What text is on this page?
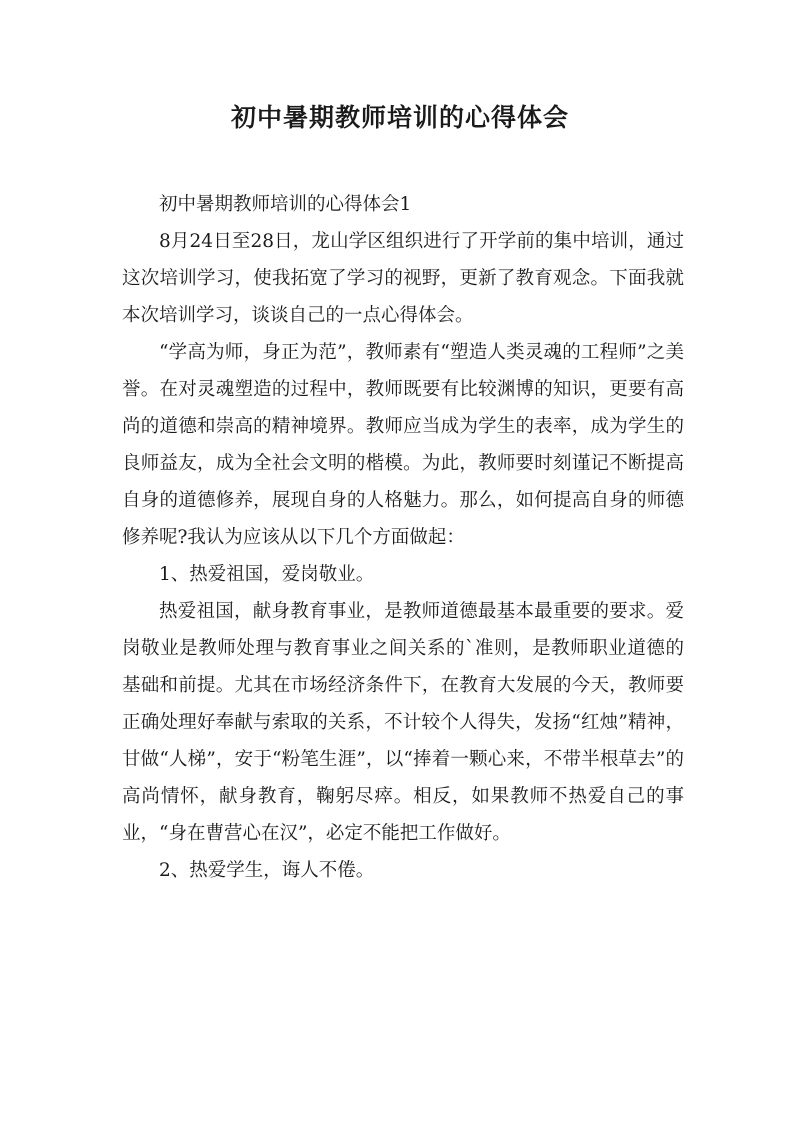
初中暑期教师培训的心得体会

初中暑期教师培训的心得体会1

8月24日至28日，龙山学区组织进行了开学前的集中培训，通过这次培训学习，使我拓宽了学习的视野，更新了教育观念。下面我就本次培训学习，谈谈自己的一点心得体会。

“学高为师，身正为范”，教师素有“塑造人类灵魂的工程师”之美誉。在对灵魂塑造的过程中，教师既要有比较渊博的知识，更要有高尚的道德和崇高的精神境界。教师应当成为学生的表率，成为学生的良师益友，成为全社会文明的楷模。为此，教师要时刻谨记不断提高自身的道德修养，展现自身的人格魅力。那么，如何提高自身的师德修养呢?我认为应该从以下几个方面做起：

1、热爱祖国，爱岗敬业。

热爱祖国，献身教育事业，是教师道德最基本最重要的要求。爱岗敬业是教师处理与教育事业之间关系的`准则，是教师职业道德的基础和前提。尤其在市场经济条件下，在教育大发展的今天，教师要正确处理好奉献与索取的关系，不计较个人得失，发扬“红烛”精神，甘做“人梯”，安于“粉笔生涯”，以“捧着一颗心来，不带半根草去”的高尚情怀，献身教育，鞠躬尽瘁。相反，如果教师不热爱自己的事业，“身在曹营心在汉”，必定不能把工作做好。

2、热爱学生，诲人不倦。
